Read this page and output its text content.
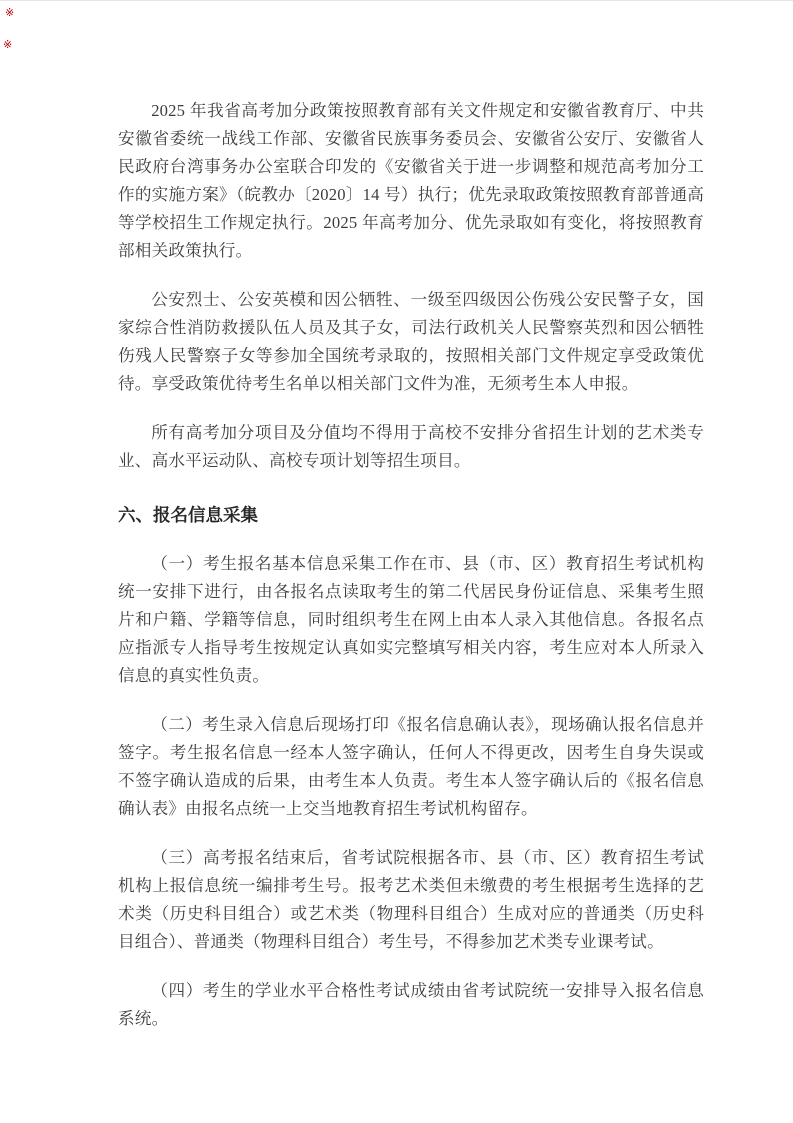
※
※

2025 年我省高考加分政策按照教育部有关文件规定和安徽省教育厅、中共安徽省委统一战线工作部、安徽省民族事务委员会、安徽省公安厅、安徽省人民政府台湾事务办公室联合印发的《安徽省关于进一步调整和规范高考加分工作的实施方案》（皖教办〔2020〕14 号）执行；优先录取政策按照教育部普通高等学校招生工作规定执行。2025 年高考加分、优先录取如有变化，将按照教育部相关政策执行。

公安烈士、公安英模和因公牺牲、一级至四级因公伤残公安民警子女，国家综合性消防救援队伍人员及其子女，司法行政机关人民警察英烈和因公牺牲伤残人民警察子女等参加全国统考录取的，按照相关部门文件规定享受政策优待。享受政策优待考生名单以相关部门文件为准，无须考生本人申报。

所有高考加分项目及分值均不得用于高校不安排分省招生计划的艺术类专业、高水平运动队、高校专项计划等招生项目。

六、报名信息采集

（一）考生报名基本信息采集工作在市、县（市、区）教育招生考试机构统一安排下进行，由各报名点读取考生的第二代居民身份证信息、采集考生照片和户籍、学籍等信息，同时组织考生在网上由本人录入其他信息。各报名点应指派专人指导考生按规定认真如实完整填写相关内容，考生应对本人所录入信息的真实性负责。

（二）考生录入信息后现场打印《报名信息确认表》，现场确认报名信息并签字。考生报名信息一经本人签字确认，任何人不得更改，因考生自身失误或不签字确认造成的后果，由考生本人负责。考生本人签字确认后的《报名信息确认表》由报名点统一上交当地教育招生考试机构留存。

（三）高考报名结束后，省考试院根据各市、县（市、区）教育招生考试机构上报信息统一编排考生号。报考艺术类但未缴费的考生根据考生选择的艺术类（历史科目组合）或艺术类（物理科目组合）生成对应的普通类（历史科目组合）、普通类（物理科目组合）考生号，不得参加艺术类专业课考试。

（四）考生的学业水平合格性考试成绩由省考试院统一安排导入报名信息系统。
